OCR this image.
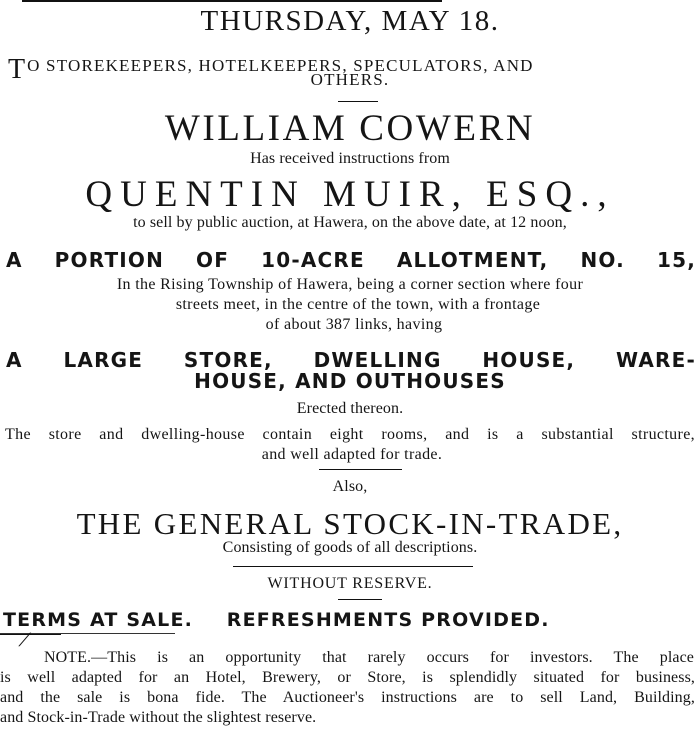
THURSDAY, MAY 18.
T O STOREKEEPERS, HOTELKEEPERS, SPECULATORS, AND
OTHERS.
WILLIAM COWERN
Has received instructions from
QUENTIN MUIR, ESQ.,
to sell by public auction, at Hawera, on the above date, at 12 noon,
A PORTION OF 10-ACRE ALLOTMENT, NO. 15,
In the Rising Township of Hawera, being a corner section where four
streets meet, in the centre of the town, with a frontage
of about 387 links, having
A LARGE STORE, DWELLING HOUSE, WARE-
HOUSE, AND OUTHOUSES
Erected thereon.
The store and dwelling-house contain eight rooms, and is a substantial structure,
and well adapted for trade.
Also,
THE GENERAL STOCK-IN-TRADE,
Consisting of goods of all descriptions.
WITHOUT RESERVE.
TERMS AT SALE. REFRESHMENTS PROVIDED.
⁄
NOTE.—This is an opportunity that rarely occurs for investors. The place
is well adapted for an Hotel, Brewery, or Store, is splendidly situated for business,
and the sale is bona fide. The Auctioneer's instructions are to sell Land, Building,
and Stock-in-Trade without the slightest reserve.
